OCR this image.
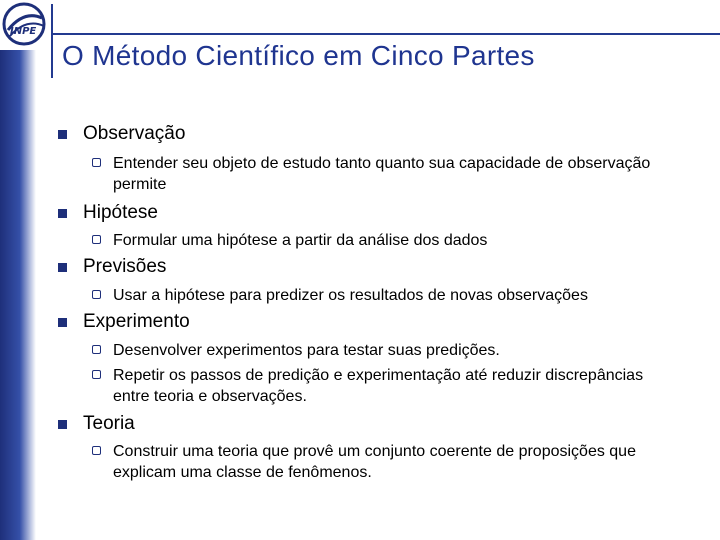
INPE
O Método Científico em Cinco Partes
Observação
Entender seu objeto de estudo tanto quanto sua capacidade de observação permite
Hipótese
Formular uma hipótese a partir da análise dos dados
Previsões
Usar a hipótese para predizer os resultados de novas observações
Experimento
Desenvolver experimentos para testar suas predições.
Repetir os passos de predição e experimentação até reduzir discrepâncias entre teoria e observações.
Teoria
Construir uma teoria que provê um conjunto coerente de proposições que explicam uma classe de fenômenos.
